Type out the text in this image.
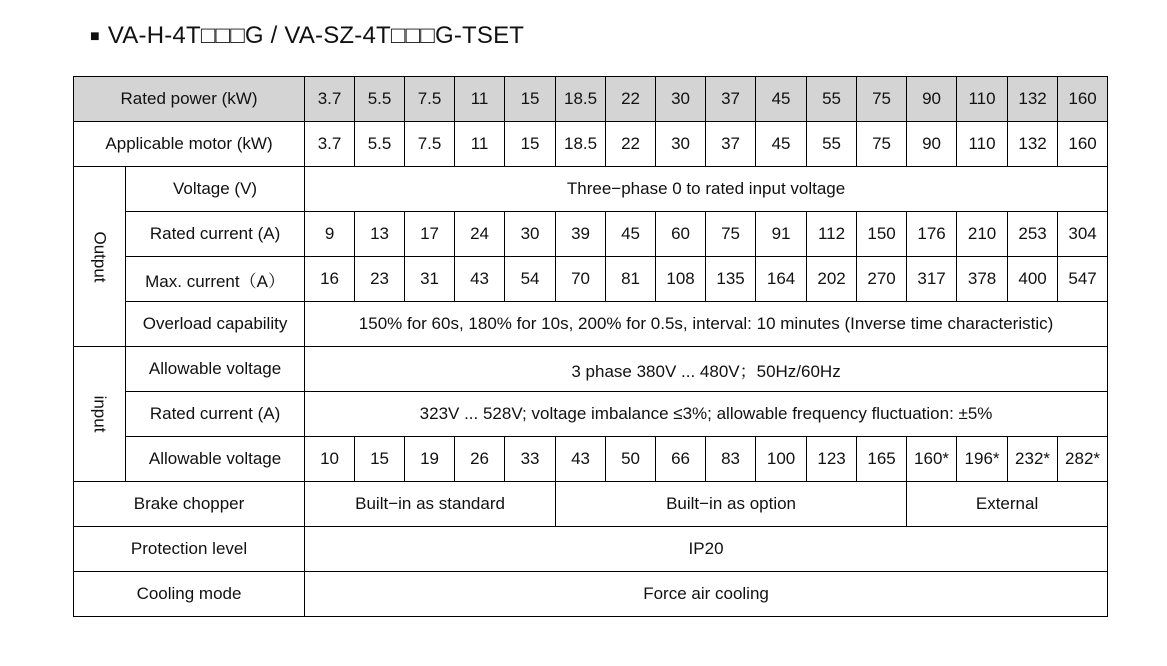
■ VA-H-4T□□□G / VA-SZ-4T□□□G-TSET
Rated power (kW)		3.7	5.5	7.5	11	15	18.5	22	30	37	45	55	75	90	110	132	160
Applicable motor (kW)		3.7	5.5	7.5	11	15	18.5	22	30	37	45	55	75	90	110	132	160
Output	Voltage (V)	Three−phase 0 to rated input voltage															
	Rated current (A)	9	13	17	24	30	39	45	60	75	91	112	150	176	210	253	304
	Max. current（A）	16	23	31	43	54	70	81	108	135	164	202	270	317	378	400	547
	Overload capability	150% for 60s, 180% for 10s, 200% for 0.5s, interval: 10 minutes (Inverse time characteristic)															
input	Allowable voltage	3 phase 380V ... 480V；50Hz/60Hz															
	Rated current (A)	323V ... 528V; voltage imbalance ≤3%; allowable frequency fluctuation: ±5%															
	Allowable voltage	10	15	19	26	33	43	50	66	83	100	123	165	160*	196*	232*	282*
Brake chopper		Built−in as standard					Built−in as option							External			
Protection level		IP20															
Cooling mode		Force air cooling															
